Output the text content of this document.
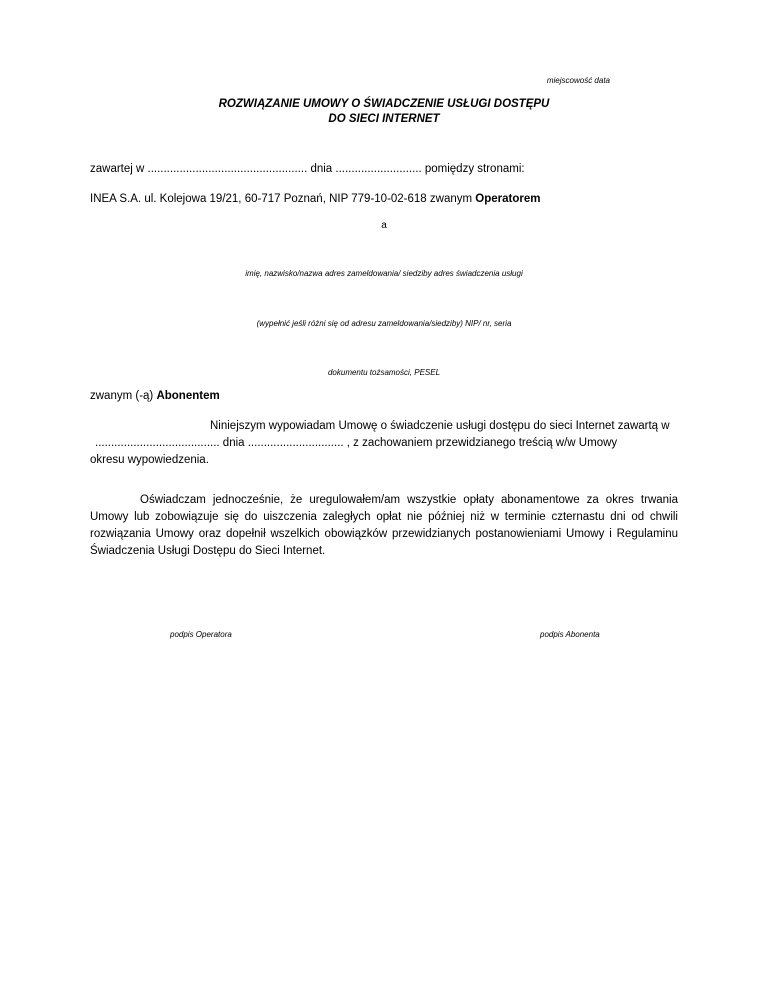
miejscowość data
ROZWIĄZANIE UMOWY O ŚWIADCZENIE USŁUGI DOSTĘPU
DO SIECI INTERNET
zawartej w .................................................. dnia ........................... pomiędzy stronami:
INEA S.A. ul. Kolejowa 19/21, 60-717 Poznań, NIP 779-10-02-618 zwanym Operatorem
a
imię, nazwisko/nazwa adres zameldowania/ siedziby adres świadczenia usługi
(wypełnić jeśli różni się od adresu zameldowania/siedziby) NIP/ nr, seria
dokumentu tożsamości, PESEL
zwanym (-ą) Abonentem
Niniejszym wypowiadam Umowę o świadczenie usługi dostępu do sieci Internet zawartą w
....................................... dnia .............................. , z zachowaniem przewidzianego treścią w/w Umowy
okresu wypowiedzenia.
Oświadczam jednocześnie, że uregulowałem/am wszystkie opłaty abonamentowe za okres trwania Umowy lub zobowiązuje się do uiszczenia zaległych opłat nie później niż w terminie czternastu dni od chwili rozwiązania Umowy oraz dopełnił wszelkich obowiązków przewidzianych postanowieniami Umowy i Regulaminu Świadczenia Usługi Dostępu do Sieci Internet.
podpis Operatora	podpis Abonenta
